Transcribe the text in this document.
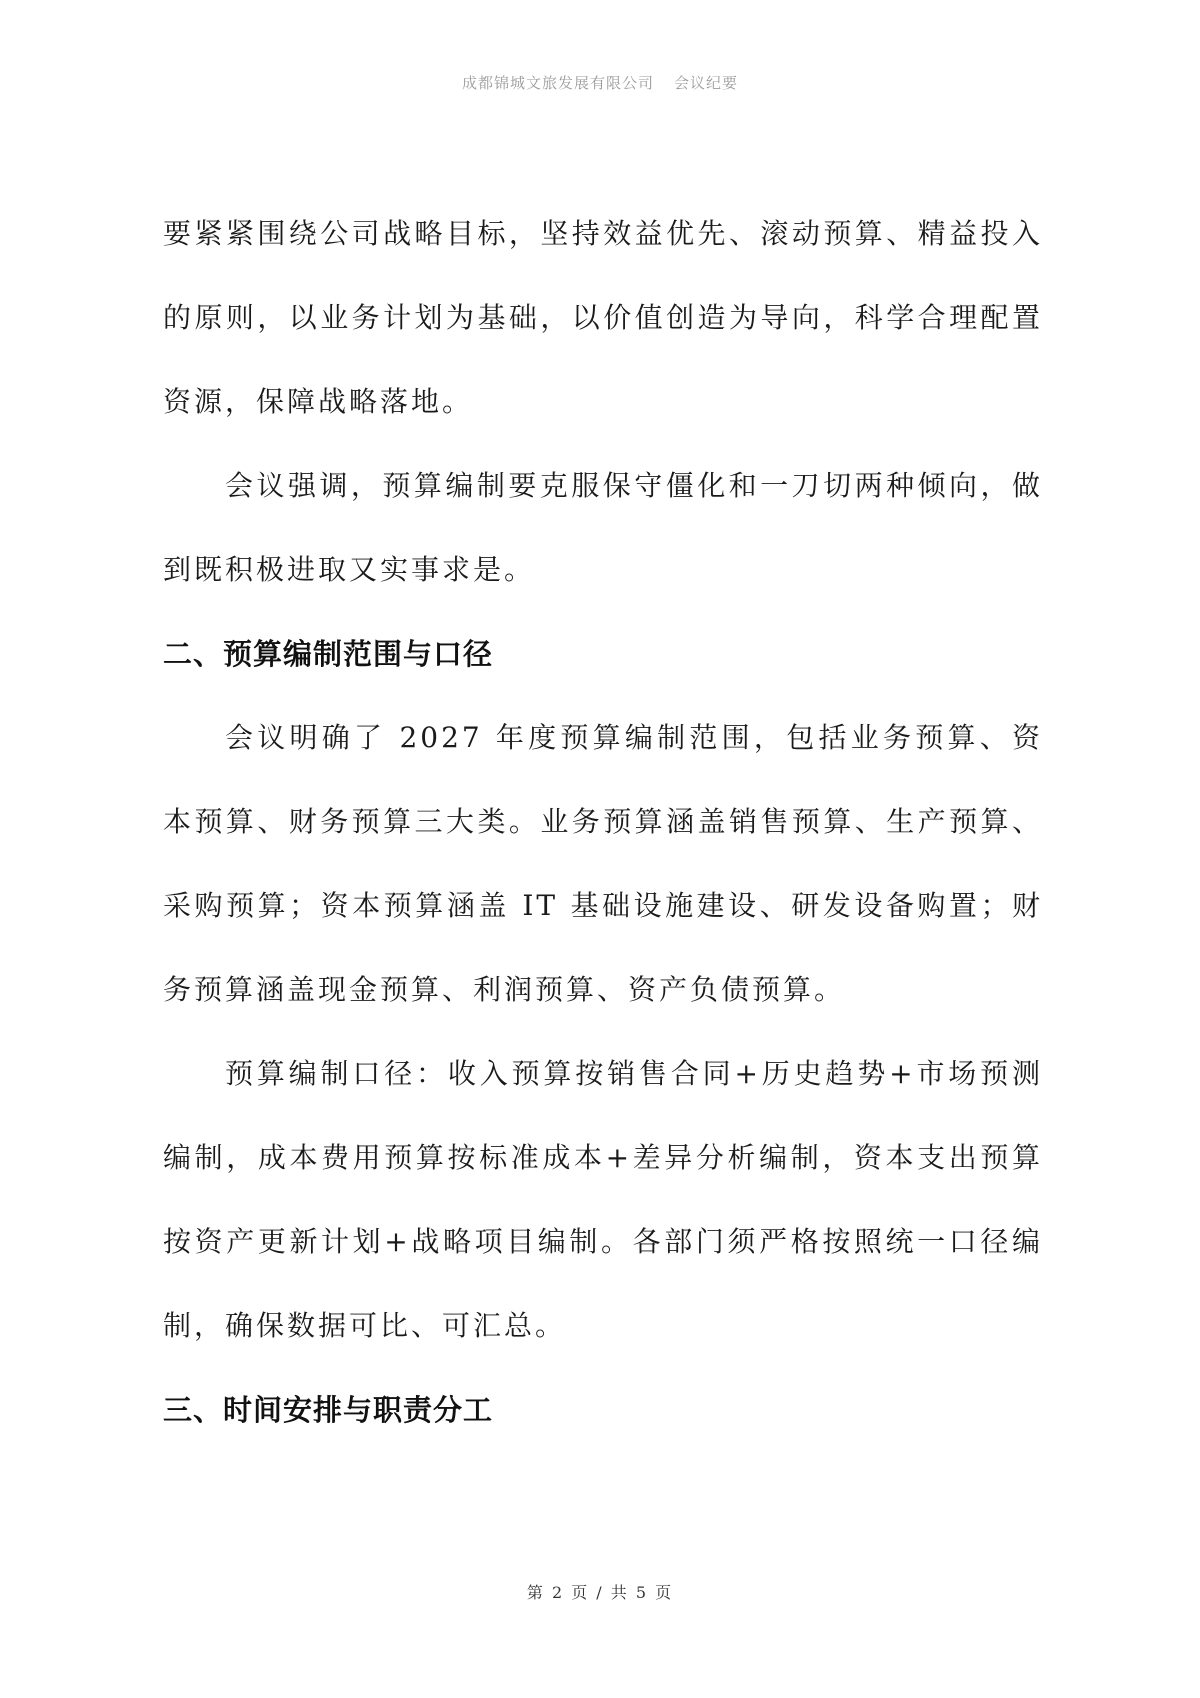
成都锦城文旅发展有限公司 会议纪要

要紧紧围绕公司战略目标，坚持效益优先、滚动预算、精益投入的原则，以业务计划为基础，以价值创造为导向，科学合理配置资源，保障战略落地。

会议强调，预算编制要克服保守僵化和一刀切两种倾向，做到既积极进取又实事求是。

二、预算编制范围与口径

会议明确了 2027 年度预算编制范围，包括业务预算、资本预算、财务预算三大类。业务预算涵盖销售预算、生产预算、采购预算；资本预算涵盖 IT 基础设施建设、研发设备购置；财务预算涵盖现金预算、利润预算、资产负债预算。

预算编制口径：收入预算按销售合同+历史趋势+市场预测编制，成本费用预算按标准成本+差异分析编制，资本支出预算按资产更新计划+战略项目编制。各部门须严格按照统一口径编制，确保数据可比、可汇总。

三、时间安排与职责分工
第 2 页 / 共 5 页
